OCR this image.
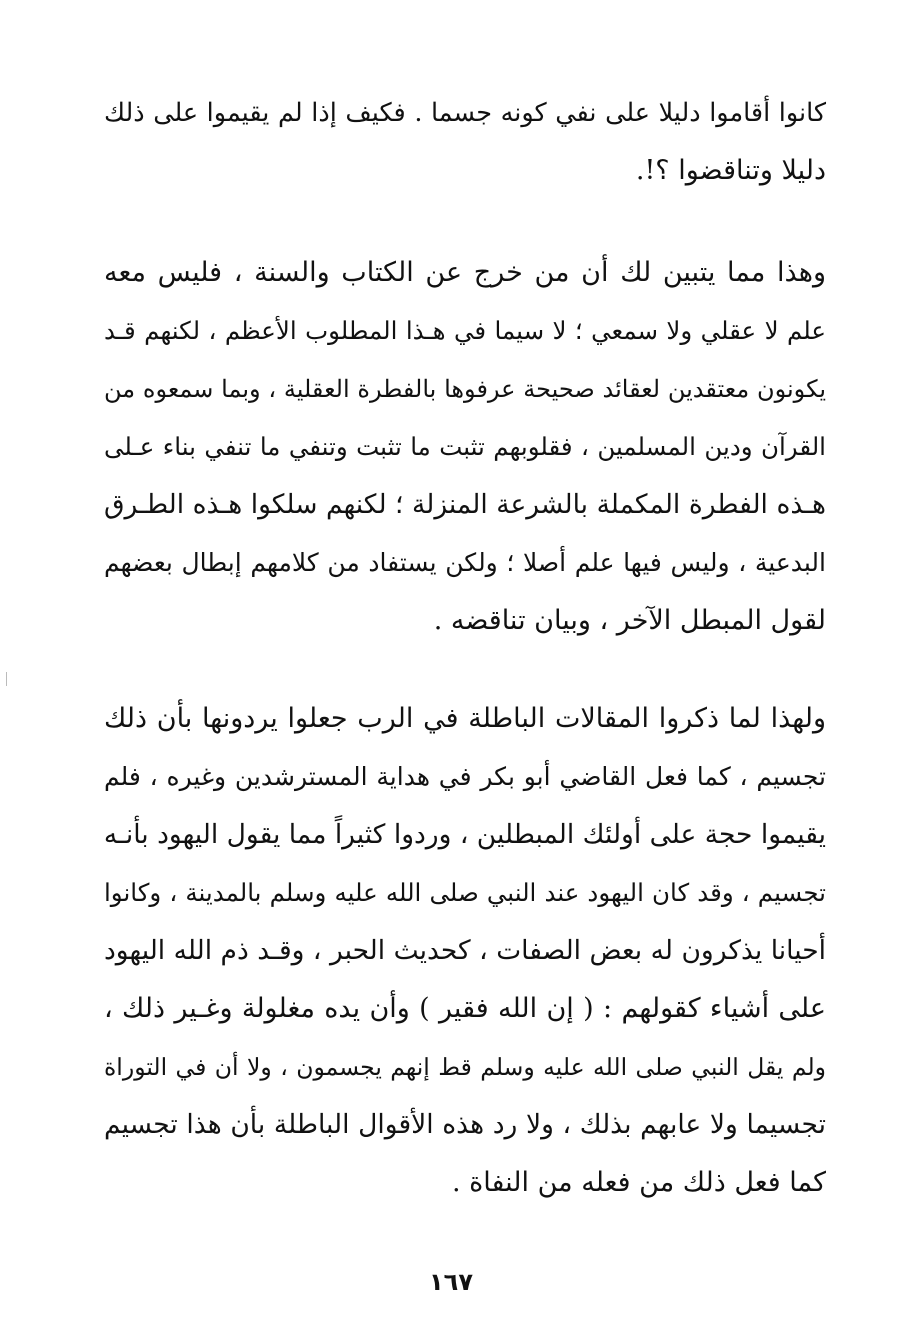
كانوا أقاموا دليلا على نفي كونه جسما . فكيف إذا لم يقيموا على ذلك
دليلا وتناقضوا ؟!.
وهذا مما يتبين لك أن من خرج عن الكتاب والسنة ، فليس معه
علم لا عقلي ولا سمعي ؛ لا سيما في هـذا المطلوب الأعظم ، لكنهم قـد
يكونون معتقدين لعقائد صحيحة عرفوها بالفطرة العقلية ، وبما سمعوه من
القرآن ودين المسلمين ، فقلوبهم تثبت ما تثبت وتنفي ما تنفي بناء عـلى
هـذه الفطرة المكملة بالشرعة المنزلة ؛ لكنهم سلكوا هـذه الطـرق
البدعية ، وليس فيها علم أصلا ؛ ولكن يستفاد من كلامهم إبطال بعضهم
لقول المبطل الآخر ، وبيان تناقضه .
ولهذا لما ذكروا المقالات الباطلة في الرب جعلوا يردونها بأن ذلك
تجسيم ، كما فعل القاضي أبو بكر في هداية المسترشدين وغيره ، فلم
يقيموا حجة على أولئك المبطلين ، وردوا كثيراً مما يقول اليهود بأنـه
تجسيم ، وقد كان اليهود عند النبي صلى الله عليه وسلم بالمدينة ، وكانوا
أحيانا يذكرون له بعض الصفات ، كحديث الحبر ، وقـد ذم الله اليهود
على أشياء كقولهم : ( إن الله فقير ) وأن يده مغلولة وغـير ذلك ،
ولم يقل النبي صلى الله عليه وسلم قط إنهم يجسمون ، ولا أن في التوراة
تجسيما ولا عابهم بذلك ، ولا رد هذه الأقوال الباطلة بأن هذا تجسيم
كما فعل ذلك من فعله من النفاة .
١٦٧
